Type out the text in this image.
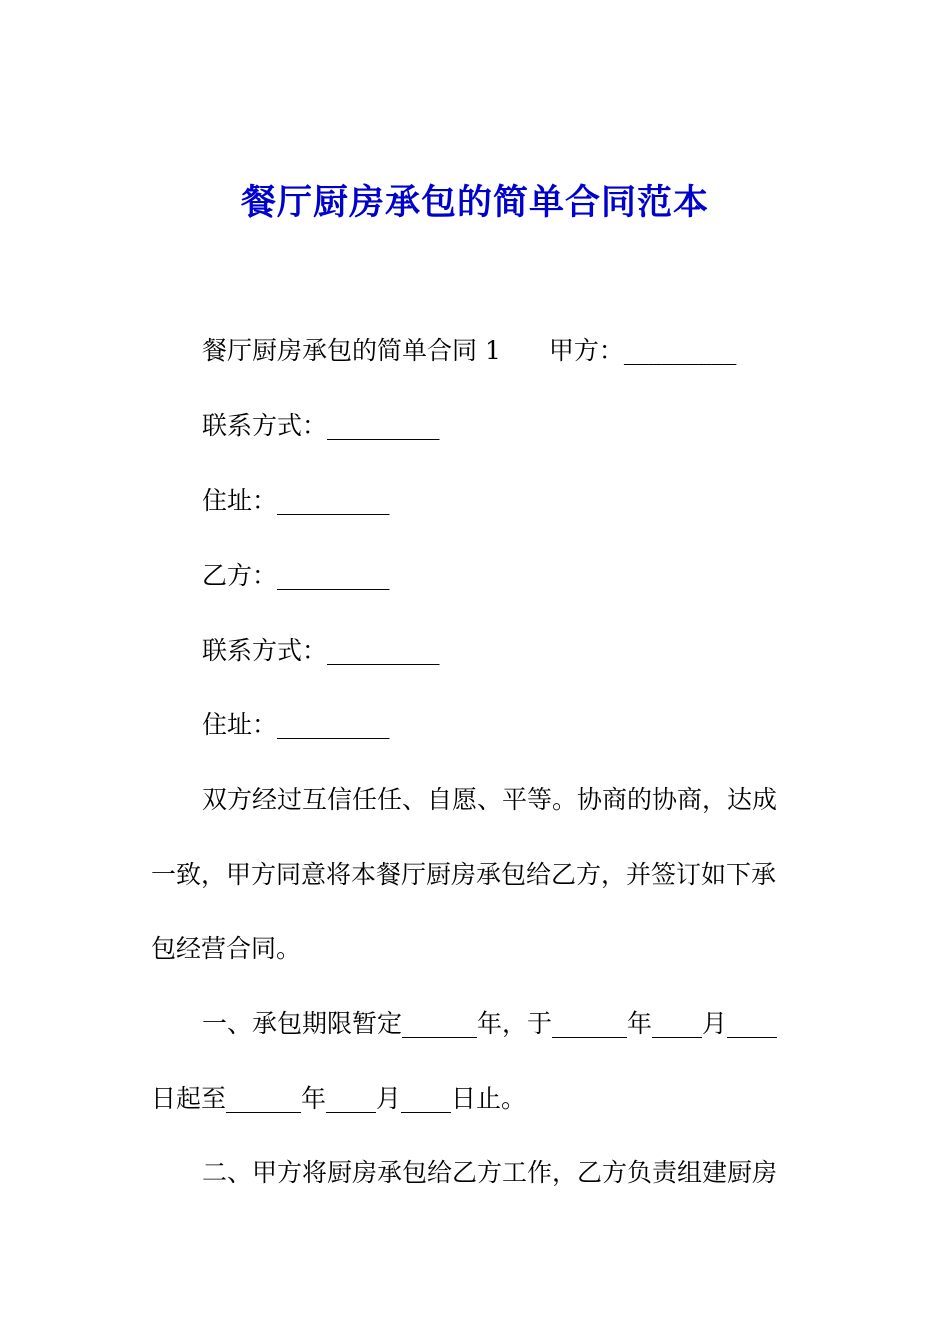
餐厅厨房承包的简单合同范本
餐厅厨房承包的简单合同 1 甲方：_________
联系方式：_________
住址：_________
乙方：_________
联系方式：_________
住址：_________
双方经过互信任任、自愿、平等。协商的协商，达成
一致，甲方同意将本餐厅厨房承包给乙方，并签订如下承
包经营合同。
一、承包期限暂定______年，于______年____月____
日起至______年____月____日止。
二、甲方将厨房承包给乙方工作，乙方负责组建厨房
